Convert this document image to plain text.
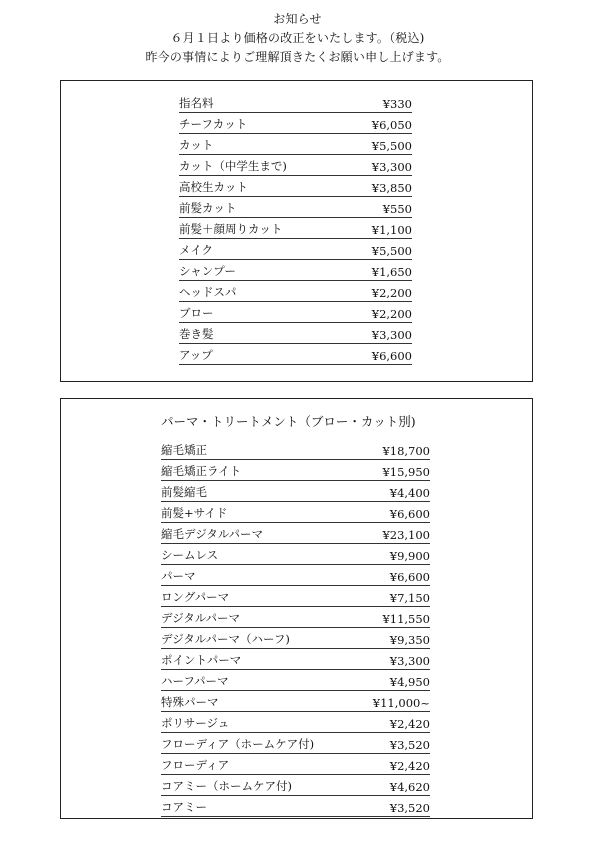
お知らせ
６月１日より価格の改正をいたします。（税込)
昨今の事情によりご理解頂きたくお願い申し上げます。
指名料	¥330
チーフカット	¥6,050
カット	¥5,500
カット（中学生まで)	¥3,300
高校生カット	¥3,850
前髪カット	¥550
前髪＋顔周りカット	¥1,100
メイク	¥5,500
シャンプー	¥1,650
ヘッドスパ	¥2,200
ブロー	¥2,200
巻き髪	¥3,300
アップ	¥6,600
パーマ・トリートメント（ブロー・カット別)
縮毛矯正	¥18,700
縮毛矯正ライト	¥15,950
前髪縮毛	¥4,400
前髪+サイド	¥6,600
縮毛デジタルパーマ	¥23,100
シームレス	¥9,900
パーマ	¥6,600
ロングパーマ	¥7,150
デジタルパーマ	¥11,550
デジタルパーマ（ハーフ)	¥9,350
ポイントパーマ	¥3,300
ハーフパーマ	¥4,950
特殊パーマ	¥11,000~
ポリサージュ	¥2,420
フローディア（ホームケア付)	¥3,520
フローディア	¥2,420
コアミー（ホームケア付)	¥4,620
コアミー	¥3,520
